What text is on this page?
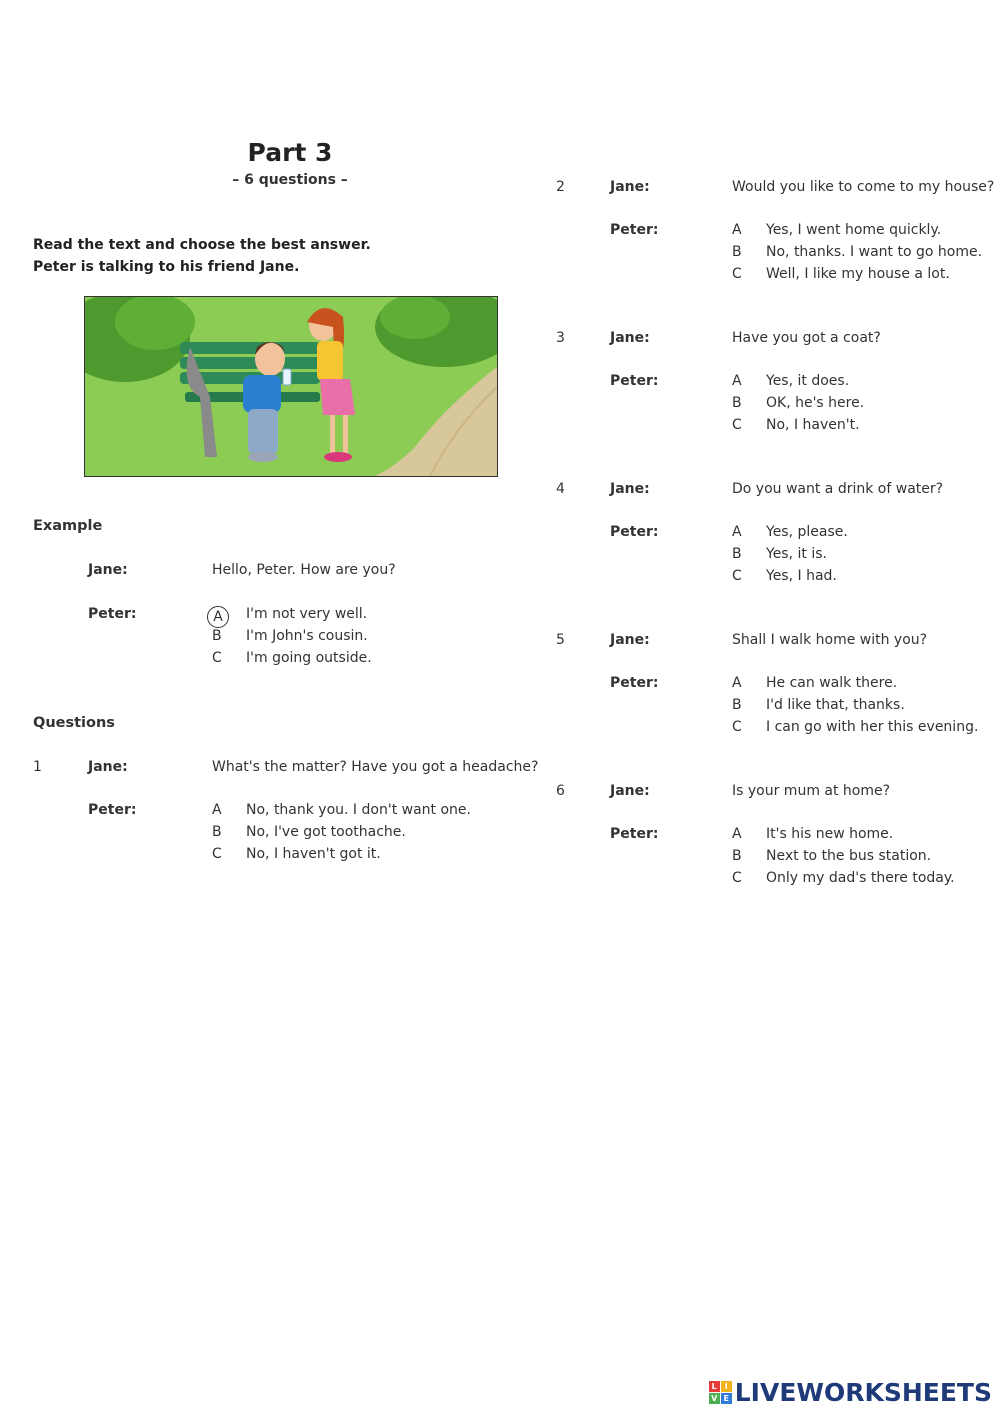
Part 3
– 6 questions –
Read the text and choose the best answer.
Peter is talking to his friend Jane.
Example
Jane:	Hello, Peter. How are you?
Peter:	A	I'm not very well.
B I'm John's cousin.
C I'm going outside.
Questions
1	Jane:	What's the matter? Have you got a headache?
Peter:	A No, thank you. I don't want one.
B No, I've got toothache.
C No, I haven't got it.
2	Jane:	Would you like to come to my house?
Peter:	A Yes, I went home quickly.
B No, thanks. I want to go home.
C Well, I like my house a lot.
3	Jane:	Have you got a coat?
Peter:	A Yes, it does.
B OK, he's here.
C No, I haven't.
4	Jane:	Do you want a drink of water?
Peter:	A Yes, please.
B Yes, it is.
C Yes, I had.
5	Jane:	Shall I walk home with you?
Peter:	A He can walk there.
B I'd like that, thanks.
C I can go with her this evening.
6	Jane:	Is your mum at home?
Peter:	A It's his new home.
B Next to the bus station.
C Only my dad's there today.
L I
V E LIVEWORKSHEETS
